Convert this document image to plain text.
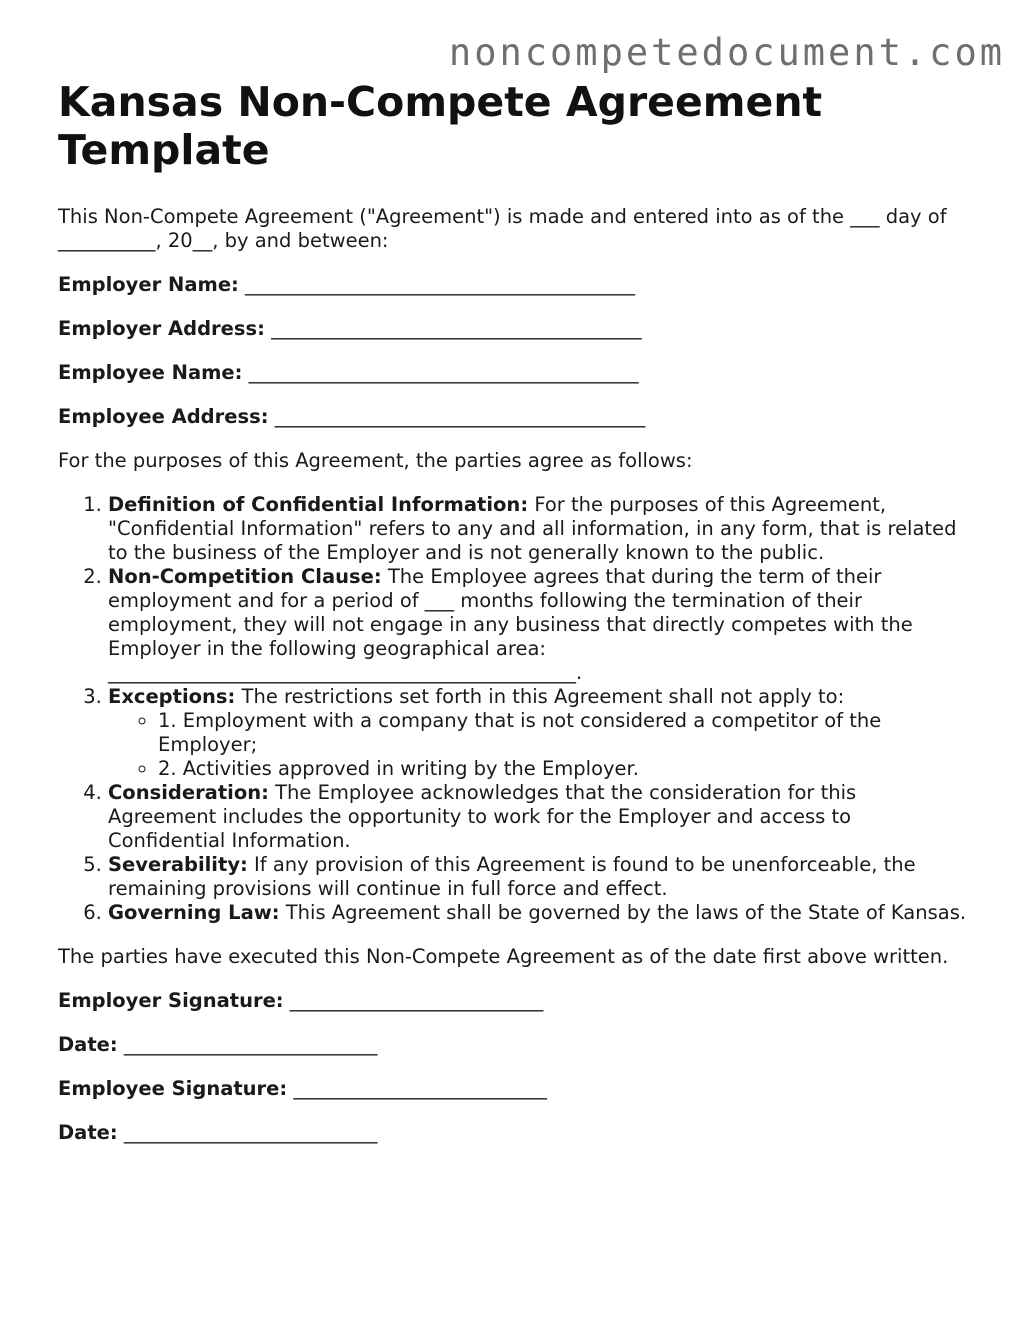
noncompetedocument.com
Kansas Non-Compete Agreement Template

This Non-Compete Agreement ("Agreement") is made and entered into as of the ___ day of __________, 20__, by and between:

Employer Name: ________________________________________
Employer Address: ______________________________________
Employee Name: ________________________________________
Employee Address: ______________________________________

For the purposes of this Agreement, the parties agree as follows:

1. Definition of Confidential Information: For the purposes of this Agreement, "Confidential Information" refers to any and all information, in any form, that is related to the business of the Employer and is not generally known to the public.
2. Non-Competition Clause: The Employee agrees that during the term of their employment and for a period of ___ months following the termination of their employment, they will not engage in any business that directly competes with the Employer in the following geographical area: ________________________________________________.
3. Exceptions: The restrictions set forth in this Agreement shall not apply to:
◦ 1. Employment with a company that is not considered a competitor of the Employer;
◦ 2. Activities approved in writing by the Employer.
4. Consideration: The Employee acknowledges that the consideration for this Agreement includes the opportunity to work for the Employer and access to Confidential Information.
5. Severability: If any provision of this Agreement is found to be unenforceable, the remaining provisions will continue in full force and effect.
6. Governing Law: This Agreement shall be governed by the laws of the State of Kansas.

The parties have executed this Non-Compete Agreement as of the date first above written.

Employer Signature: __________________________
Date: __________________________
Employee Signature: __________________________
Date: __________________________
